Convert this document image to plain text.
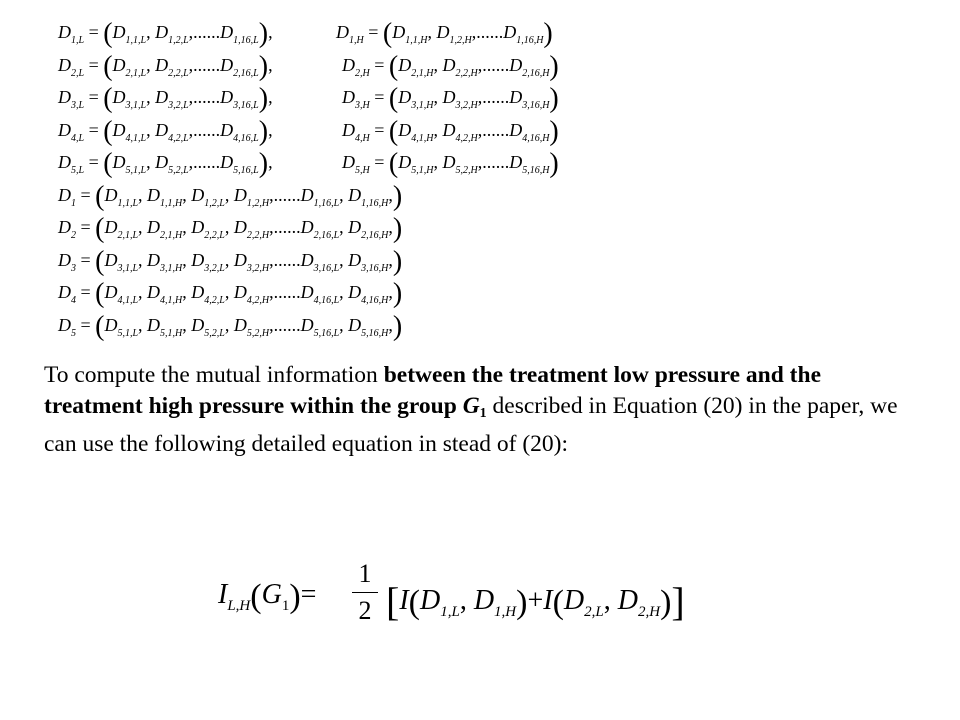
$D_{1,L} = (D_{1,1,L}$, $D_{1,2,L},......D_{1,16,L}$),	$D_{1,H} = (D_{1,1,H}$, $D_{1,2,H},......D_{1,16,H}$)
$D_{2,L} = (D_{2,1,L}$, $D_{2,2,L},......D_{2,16,L}$),	$D_{2,H} = (D_{2,1,H}$, $D_{2,2,H},......D_{2,16,H}$)
$D_{3,L} = (D_{3,1,L}$, $D_{3,2,L},......D_{3,16,L}$),	$D_{3,H} = (D_{3,1,H}$, $D_{3,2,H},......D_{3,16,H}$)
$D_{4,L} = (D_{4,1,L}$, $D_{4,2,L},......D_{4,16,L}$),	$D_{4,H} = (D_{4,1,H}$, $D_{4,2,H},......D_{4,16,H}$)
$D_{5,L} = (D_{5,1,L}$, $D_{5,2,L},......D_{5,16,L}$),	$D_{5,H} = (D_{5,1,H}$, $D_{5,2,H},......D_{5,16,H}$)
$D_1 = (D_{1,1,L}$, $D_{1,1,H}$, $D_{1,2,L}$, $D_{1,2,H},......D_{1,16,L}$, $D_{1,16,H}$,)
$D_2 = (D_{2,1,L}$, $D_{2,1,H}$, $D_{2,2,L}$, $D_{2,2,H},......D_{2,16,L}$, $D_{2,16,H}$,)
$D_3 = (D_{3,1,L}$, $D_{3,1,H}$, $D_{3,2,L}$, $D_{3,2,H},......D_{3,16,L}$, $D_{3,16,H}$,)
$D_4 = (D_{4,1,L}$, $D_{4,1,H}$, $D_{4,2,L}$, $D_{4,2,H},......D_{4,16,L}$, $D_{4,16,H}$,)
$D_5 = (D_{5,1,L}$, $D_{5,1,H}$, $D_{5,2,L}$, $D_{5,2,H},......D_{5,16,L}$, $D_{5,16,H}$,)
To compute the mutual information between the treatment low pressure and the treatment high pressure within the group G1 described in Equation (20) in the paper, we can use the following detailed equation in stead of (20):
$I_{L,H}(G_1)=$
1
2 [$I(D_{1,L}$, $D_{1,H})+I(D_{2,L}$, $D_{2,H}$)]
